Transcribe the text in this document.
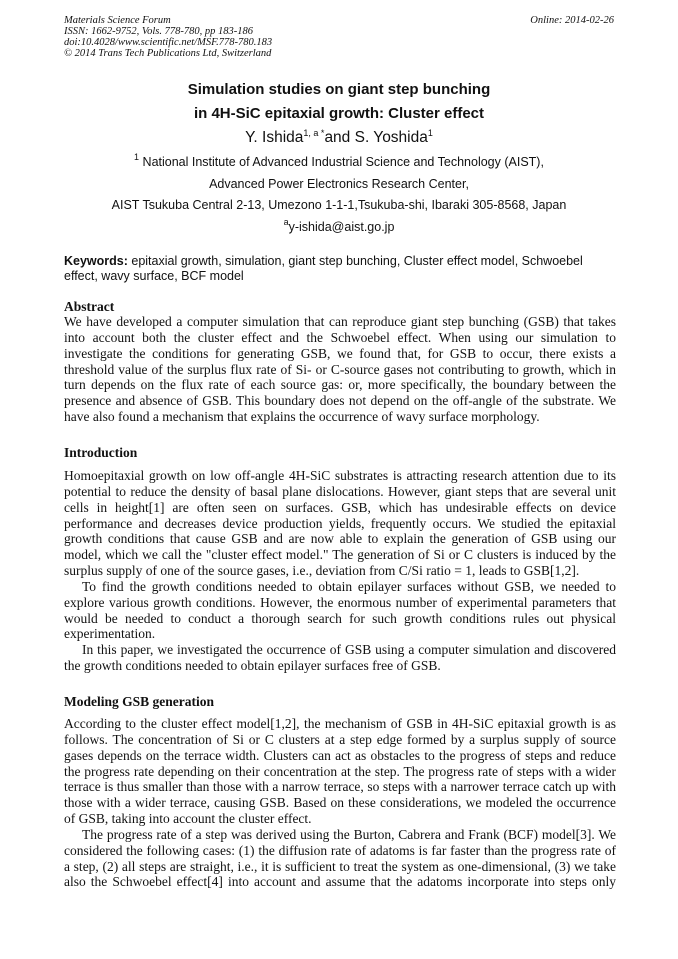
Materials Science Forum
ISSN: 1662-9752, Vols. 778-780, pp 183-186
doi:10.4028/www.scientific.net/MSF.778-780.183
© 2014 Trans Tech Publications Ltd, Switzerland
Online: 2014-02-26
Simulation studies on giant step bunching
in 4H-SiC epitaxial growth: Cluster effect
Y. Ishida$^{1, a *}$and S. Yoshida$^1$
$^1$ National Institute of Advanced Industrial Science and Technology (AIST),
Advanced Power Electronics Research Center,
AIST Tsukuba Central 2-13, Umezono 1-1-1,Tsukuba-shi, Ibaraki 305-8568, Japan
$^a$y-ishida@aist.go.jp
Keywords: epitaxial growth, simulation, giant step bunching, Cluster effect model, Schwoebel effect, wavy surface, BCF model
Abstract
We have developed a computer simulation that can reproduce giant step bunching (GSB) that takes
into account both the cluster effect and the Schwoebel effect. When using our simulation to
investigate the conditions for generating GSB, we found that, for GSB to occur, there exists a
threshold value of the surplus flux rate of Si- or C-source gases not contributing to growth, which in
turn depends on the flux rate of each source gas: or, more specifically, the boundary between the
presence and absence of GSB. This boundary does not depend on the off-angle of the substrate. We
have also found a mechanism that explains the occurrence of wavy surface morphology.
Introduction
Homoepitaxial growth on low off-angle 4H-SiC substrates is attracting research attention due to its
potential to reduce the density of basal plane dislocations. However, giant steps that are several unit
cells in height[1] are often seen on surfaces. GSB, which has undesirable effects on device
performance and decreases device production yields, frequently occurs. We studied the epitaxial
growth conditions that cause GSB and are now able to explain the generation of GSB using our
model, which we call the "cluster effect model." The generation of Si or C clusters is induced by the
surplus supply of one of the source gases, i.e., deviation from C/Si ratio = 1, leads to GSB[1,2].
To find the growth conditions needed to obtain epilayer surfaces without GSB, we needed to
explore various growth conditions. However, the enormous number of experimental parameters that
would be needed to conduct a thorough search for such growth conditions rules out physical
experimentation.
In this paper, we investigated the occurrence of GSB using a computer simulation and discovered
the growth conditions needed to obtain epilayer surfaces free of GSB.
Modeling GSB generation
According to the cluster effect model[1,2], the mechanism of GSB in 4H-SiC epitaxial growth is as
follows. The concentration of Si or C clusters at a step edge formed by a surplus supply of source
gases depends on the terrace width. Clusters can act as obstacles to the progress of steps and reduce
the progress rate depending on their concentration at the step. The progress rate of steps with a wider
terrace is thus smaller than those with a narrow terrace, so steps with a narrower terrace catch up with
those with a wider terrace, causing GSB. Based on these considerations, we modeled the occurrence
of GSB, taking into account the cluster effect.
The progress rate of a step was derived using the Burton, Cabrera and Frank (BCF) model[3]. We
considered the following cases: (1) the diffusion rate of adatoms is far faster than the progress rate of
a step, (2) all steps are straight, i.e., it is sufficient to treat the system as one-dimensional, (3) we take
also the Schwoebel effect[4] into account and assume that the adatoms incorporate into steps only
